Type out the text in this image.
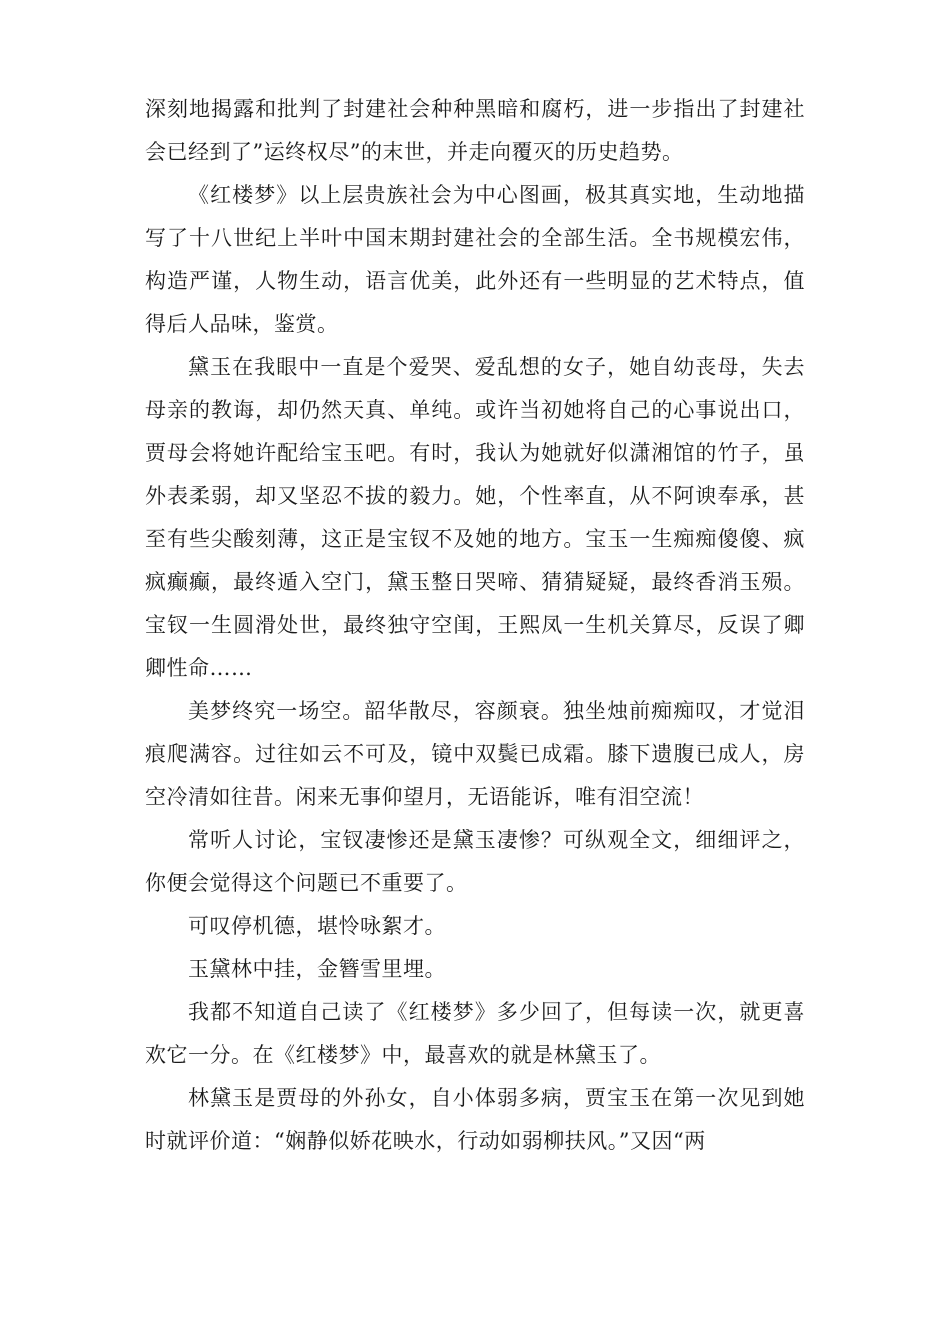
深刻地揭露和批判了封建社会种种黑暗和腐朽，进一步指出了封建社会已经到了”运终权尽”的末世，并走向覆灭的历史趋势。

《红楼梦》以上层贵族社会为中心图画，极其真实地，生动地描写了十八世纪上半叶中国末期封建社会的全部生活。全书规模宏伟，构造严谨，人物生动，语言优美，此外还有一些明显的艺术特点，值得后人品味，鉴赏。

黛玉在我眼中一直是个爱哭、爱乱想的女子，她自幼丧母，失去母亲的教诲，却仍然天真、单纯。或许当初她将自己的心事说出口，贾母会将她许配给宝玉吧。有时，我认为她就好似潇湘馆的竹子，虽外表柔弱，却又坚忍不拔的毅力。她，个性率直，从不阿谀奉承，甚至有些尖酸刻薄，这正是宝钗不及她的地方。宝玉一生痴痴傻傻、疯疯癫癫，最终遁入空门，黛玉整日哭啼、猜猜疑疑，最终香消玉殒。宝钗一生圆滑处世，最终独守空闺，王熙凤一生机关算尽，反误了卿卿性命……

美梦终究一场空。韶华散尽，容颜衰。独坐烛前痴痴叹，才觉泪痕爬满容。过往如云不可及，镜中双鬓已成霜。膝下遗腹已成人，房空冷清如往昔。闲来无事仰望月，无语能诉，唯有泪空流！

常听人讨论，宝钗凄惨还是黛玉凄惨？可纵观全文，细细评之，你便会觉得这个问题已不重要了。

可叹停机德，堪怜咏絮才。

玉黛林中挂，金簪雪里埋。

我都不知道自己读了《红楼梦》多少回了，但每读一次，就更喜欢它一分。在《红楼梦》中，最喜欢的就是林黛玉了。

林黛玉是贾母的外孙女，自小体弱多病，贾宝玉在第一次见到她时就评价道：“娴静似娇花映水，行动如弱柳扶风。”又因“两
